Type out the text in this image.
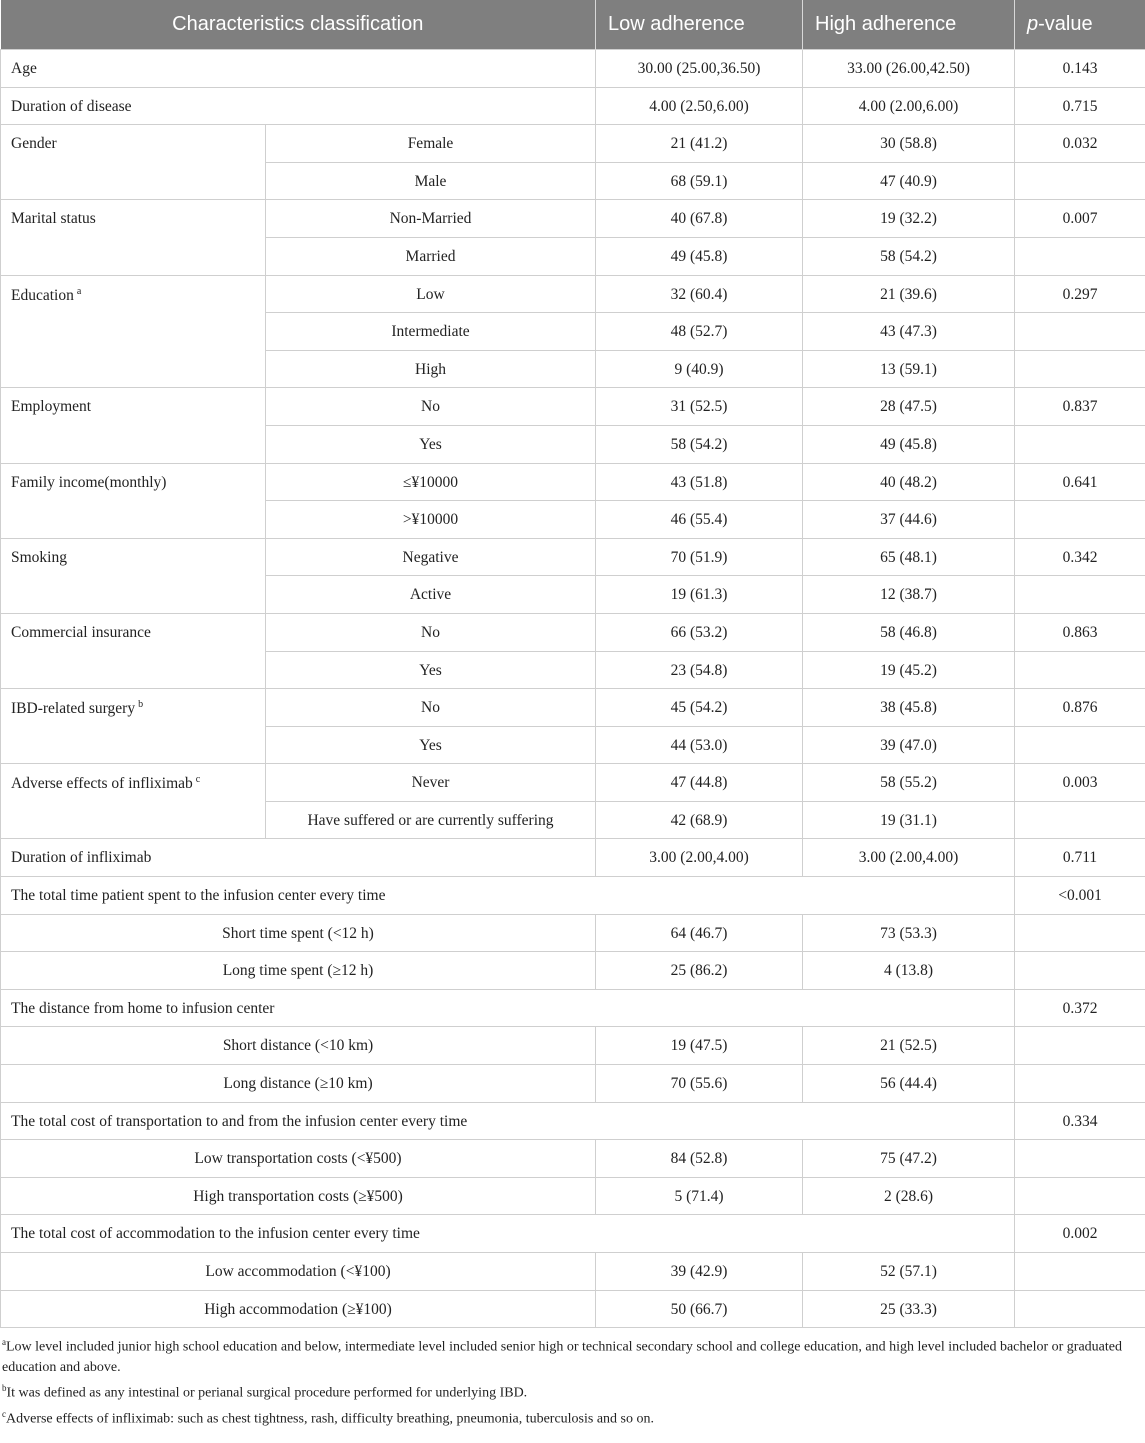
Characteristics classification		Low adherence	High adherence	p-value
Age		30.00 (25.00,36.50)	33.00 (26.00,42.50)	0.143
Duration of disease		4.00 (2.50,6.00)	4.00 (2.00,6.00)	0.715
Gender	Female	21 (41.2)	30 (58.8)	0.032
	Male	68 (59.1)	47 (40.9)	
Marital status	Non-Married	40 (67.8)	19 (32.2)	0.007
	Married	49 (45.8)	58 (54.2)	
Education $^a$	Low	32 (60.4)	21 (39.6)	0.297
	Intermediate	48 (52.7)	43 (47.3)	
	High	9 (40.9)	13 (59.1)	
Employment	No	31 (52.5)	28 (47.5)	0.837
	Yes	58 (54.2)	49 (45.8)	
Family income(monthly)	≤¥10000	43 (51.8)	40 (48.2)	0.641
	>¥10000	46 (55.4)	37 (44.6)	
Smoking	Negative	70 (51.9)	65 (48.1)	0.342
	Active	19 (61.3)	12 (38.7)	
Commercial insurance	No	66 (53.2)	58 (46.8)	0.863
	Yes	23 (54.8)	19 (45.2)	
IBD-related surgery $^b$	No	45 (54.2)	38 (45.8)	0.876
	Yes	44 (53.0)	39 (47.0)	
Adverse effects of infliximab $^c$	Never	47 (44.8)	58 (55.2)	0.003
	Have suffered or are currently suffering	42 (68.9)	19 (31.1)	
Duration of infliximab		3.00 (2.00,4.00)	3.00 (2.00,4.00)	0.711
The total time patient spent to the infusion center every time				<0.001
Short time spent (<12 h)		64 (46.7)	73 (53.3)	
Long time spent (≥12 h)		25 (86.2)	4 (13.8)	
The distance from home to infusion center				0.372
Short distance (<10 km)		19 (47.5)	21 (52.5)	
Long distance (≥10 km)		70 (55.6)	56 (44.4)	
The total cost of transportation to and from the infusion center every time				0.334
Low transportation costs (<¥500)		84 (52.8)	75 (47.2)	
High transportation costs (≥¥500)		5 (71.4)	2 (28.6)	
The total cost of accommodation to the infusion center every time				0.002
Low accommodation (<¥100)		39 (42.9)	52 (57.1)	
High accommodation (≥¥100)		50 (66.7)	25 (33.3)	

$^a$Low level included junior high school education and below, intermediate level included senior high or technical secondary school and college education, and high level included bachelor or graduated education and above.

$^b$It was defined as any intestinal or perianal surgical procedure performed for underlying IBD.

$^c$Adverse effects of infliximab: such as chest tightness, rash, difficulty breathing, pneumonia, tuberculosis and so on.
